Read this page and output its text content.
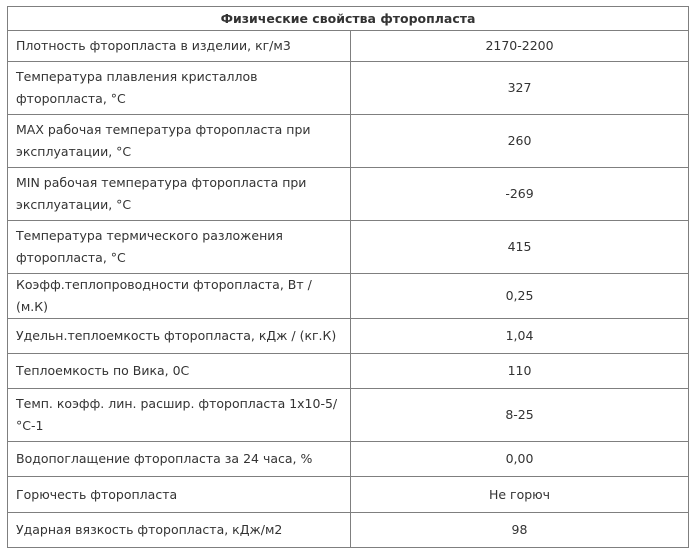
Физические свойства фторопласта	
Плотность фторопласта в изделии, кг/м3	2170-2200
Температура плавления кристаллов фторопласта, °С	327
МАХ рабочая температура фторопласта при эксплуатации, °С	260
MIN рабочая температура фторопласта при эксплуатации, °С	-269
Температура термического разложения фторопласта, °С	415
Коэфф.теплопроводности фторопласта, Вт / (м.К)	0,25
Удельн.теплоемкость фторопласта, кДж / (кг.К)	1,04
Теплоемкость по Вика, 0С	110
Темп. коэфф. лин. расшир. фторопласта 1х10-5/°С-1	8-25
Водопоглащение фторопласта за 24 часа, %	0,00
Горючесть фторопласта	Не горюч
Ударная вязкость фторопласта, кДж/м2	98
